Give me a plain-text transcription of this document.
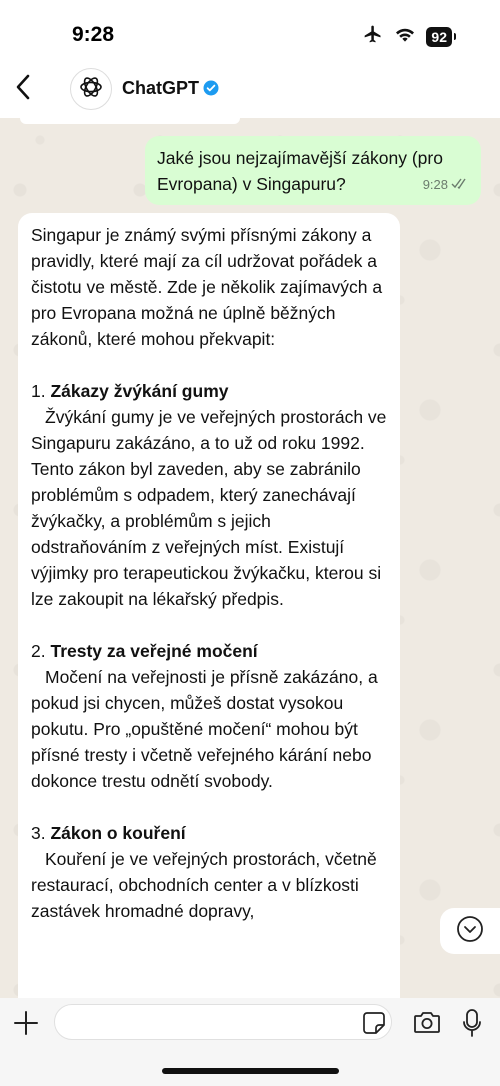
9:28	92
ChatGPT
Jaké jsou nejzajímavější zákony (pro Evropana) v Singapuru?	9:28

Singapur je známý svými přísnými zákony a pravidly, které mají za cíl udržovat pořádek a čistotu ve městě. Zde je několik zajímavých a pro Evropana možná ne úplně běžných zákonů, které mohou překvapit:

1. Zákazy žvýkání gumy

Žvýkání gumy je ve veřejných prostorách ve Singapuru zakázáno, a to už od roku 1992. Tento zákon byl zaveden, aby se zabránilo problémům s odpadem, který zanechávají žvýkačky, a problémům s jejich odstraňováním z veřejných míst. Existují výjimky pro terapeutickou žvýkačku, kterou si lze zakoupit na lékařský předpis.

2. Tresty za veřejné močení

Močení na veřejnosti je přísně zakázáno, a pokud jsi chycen, můžeš dostat vysokou pokutu. Pro „opuštěné močení“ mohou být přísné tresty i včetně veřejného kárání nebo dokonce trestu odnětí svobody.

3. Zákon o kouření

Kouření je ve veřejných prostorách, včetně restaurací, obchodních center a v blízkosti zastávek hromadné dopravy,
